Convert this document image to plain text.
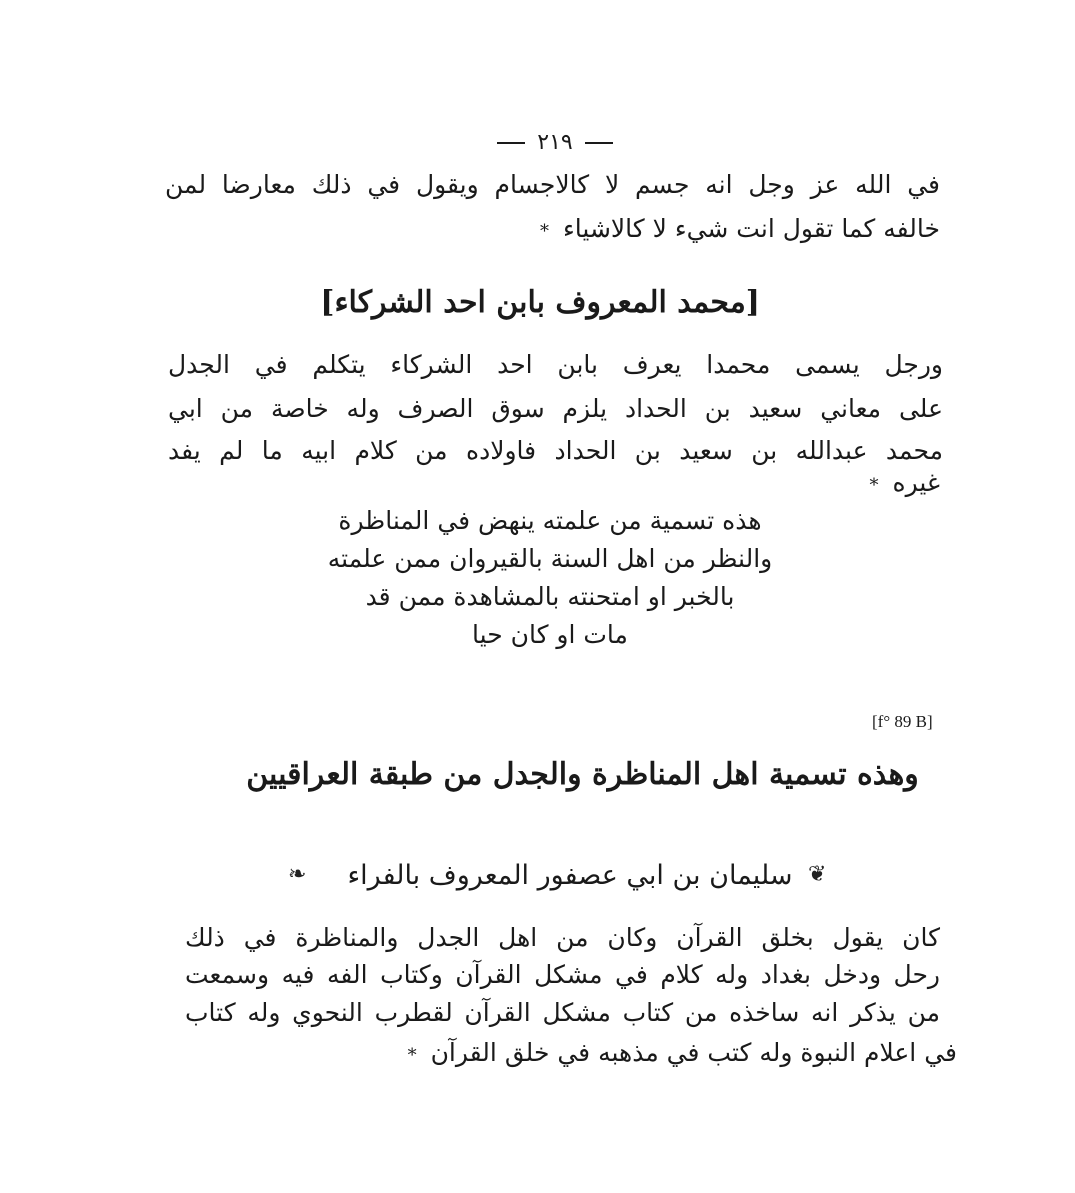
٢١٩
في الله عز وجل انه جسم لا كالاجسام ويقول في ذلك معارضا لمن
خالفه كما تقول انت شيء لا كالاشياء*
[محمد المعروف بابن احد الشركاء]
ورجل يسمى محمدا يعرف بابن احد الشركاء يتكلم في الجدل
على معاني سعيد بن الحداد يلزم سوق الصرف وله خاصة من ابي
محمد عبدالله بن سعيد بن الحداد فاولاده من كلام ابيه ما لم يفد
غيره*
هذه تسمية من علمته ينهض في المناظرة
والنظر من اهل السنة بالقيروان ممن علمته
بالخبر او امتحنته بالمشاهدة ممن قد
مات او كان حيا
[f° 89 B]
وهذه تسمية اهل المناظرة والجدل من طبقة العراقيين
❧ سليمان بن ابي عصفور المعروف بالفراء ❦
كان يقول بخلق القرآن وكان من اهل الجدل والمناظرة في ذلك
رحل ودخل بغداد وله كلام في مشكل القرآن وكتاب الفه فيه وسمعت
من يذكر انه ساخذه من كتاب مشكل القرآن لقطرب النحوي وله كتاب
في اعلام النبوة وله كتب في مذهبه في خلق القرآن*
